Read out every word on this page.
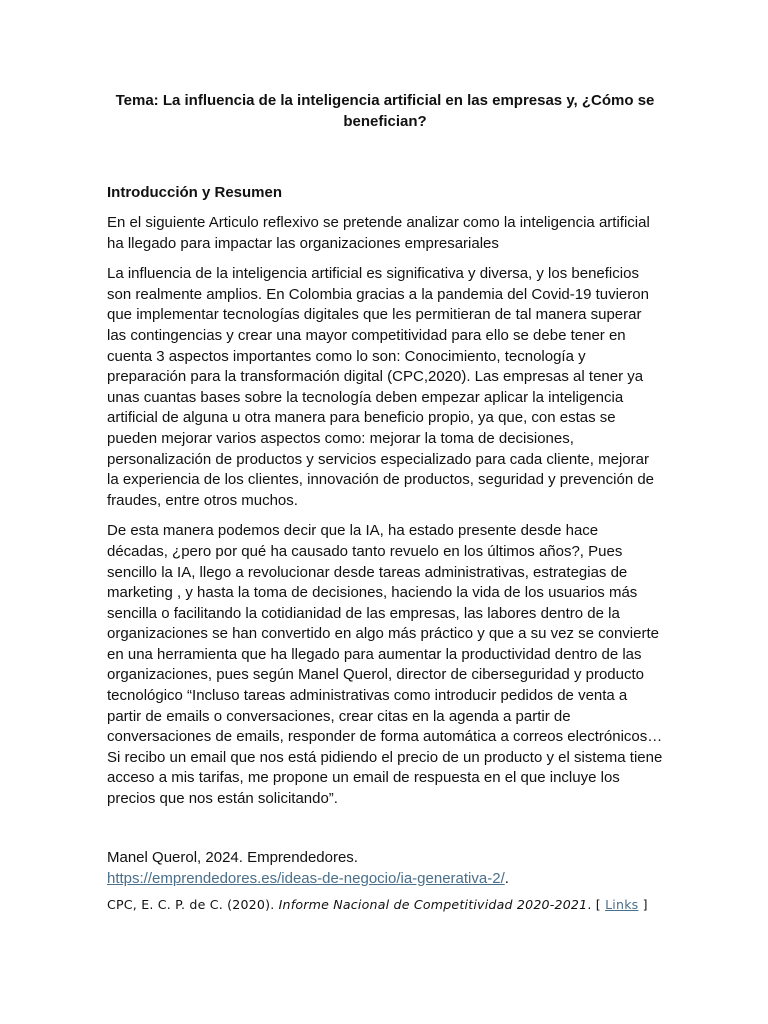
Tema: La influencia de la inteligencia artificial en las empresas y, ¿Cómo se benefician?

Introducción y Resumen

En el siguiente Articulo reflexivo se pretende analizar como la inteligencia artificial ha llegado para impactar las organizaciones empresariales

La influencia de la inteligencia artificial es significativa y diversa, y los beneficios son realmente amplios. En Colombia gracias a la pandemia del Covid-19 tuvieron que implementar tecnologías digitales que les permitieran de tal manera superar las contingencias y crear una mayor competitividad para ello se debe tener en cuenta 3 aspectos importantes como lo son: Conocimiento, tecnología y preparación para la transformación digital (CPC,2020). Las empresas al tener ya unas cuantas bases sobre la tecnología deben empezar aplicar la inteligencia artificial de alguna u otra manera para beneficio propio, ya que, con estas se pueden mejorar varios aspectos como: mejorar la toma de decisiones, personalización de productos y servicios especializado para cada cliente, mejorar la experiencia de los clientes, innovación de productos, seguridad y prevención de fraudes, entre otros muchos.

De esta manera podemos decir que la IA, ha estado presente desde hace décadas, ¿pero por qué ha causado tanto revuelo en los últimos años?, Pues sencillo la IA, llego a revolucionar desde tareas administrativas, estrategias de marketing , y hasta la toma de decisiones, haciendo la vida de los usuarios más sencilla o facilitando la cotidianidad de las empresas, las labores dentro de la organizaciones se han convertido en algo más práctico y que a su vez se convierte en una herramienta que ha llegado para aumentar la productividad dentro de las organizaciones, pues según Manel Querol, director de ciberseguridad y producto tecnológico “Incluso tareas administrativas como introducir pedidos de venta a partir de emails o conversaciones, crear citas en la agenda a partir de conversaciones de emails, responder de forma automática a correos electrónicos… Si recibo un email que nos está pidiendo el precio de un producto y el sistema tiene acceso a mis tarifas, me propone un email de respuesta en el que incluye los precios que nos están solicitando”.

Manel Querol, 2024. Emprendedores.
https://emprendedores.es/ideas-de-negocio/ia-generativa-2/.

CPC, E. C. P. de C. (2020). Informe Nacional de Competitividad 2020-2021. [ Links ]
